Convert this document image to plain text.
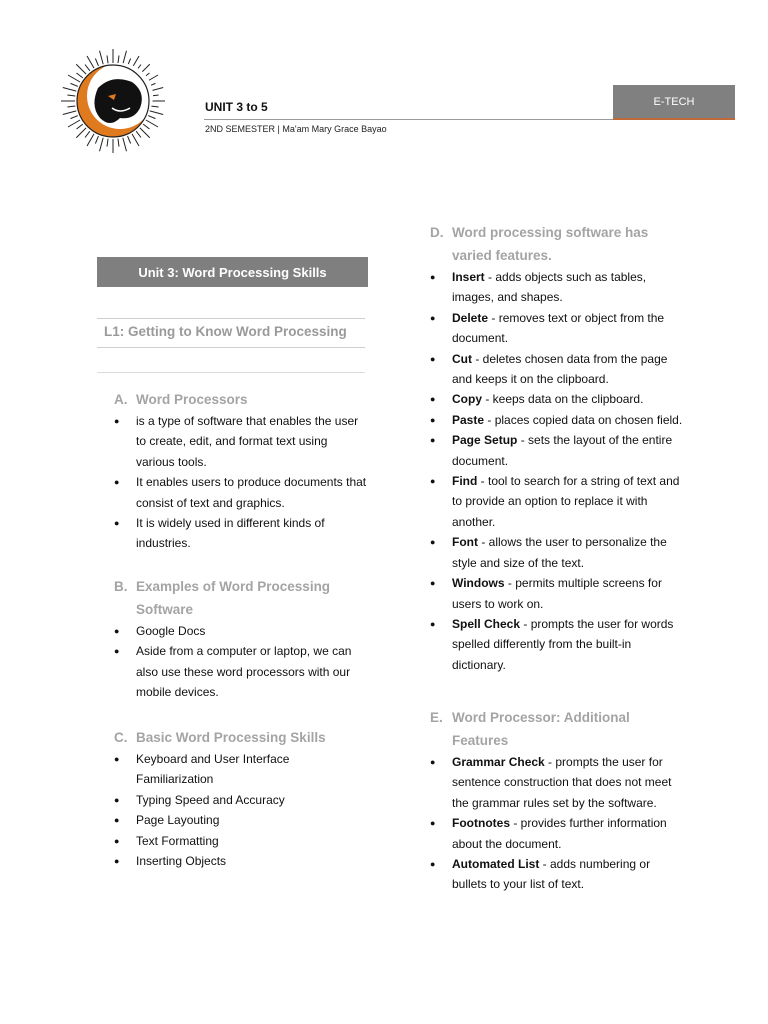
UNIT 3 to 5
2ND SEMESTER | Ma'am Mary Grace Bayao
E-TECH
Unit 3: Word Processing Skills
L1: Getting to Know Word Processing
A. Word Processors
● is a type of software that enables the user to create, edit, and format text using various tools.
● It enables users to produce documents that consist of text and graphics.
● It is widely used in different kinds of industries.
B. Examples of Word Processing Software
● Google Docs
● Aside from a computer or laptop, we can also use these word processors with our mobile devices.
C. Basic Word Processing Skills
● Keyboard and User Interface Familiarization
● Typing Speed and Accuracy
● Page Layouting
● Text Formatting
● Inserting Objects
D. Word processing software has varied features.
● Insert - adds objects such as tables, images, and shapes.
● Delete - removes text or object from the document.
● Cut - deletes chosen data from the page and keeps it on the clipboard.
● Copy - keeps data on the clipboard.
● Paste - places copied data on chosen field.
● Page Setup - sets the layout of the entire document.
● Find - tool to search for a string of text and to provide an option to replace it with another.
● Font - allows the user to personalize the style and size of the text.
● Windows - permits multiple screens for users to work on.
● Spell Check - prompts the user for words spelled differently from the built-in dictionary.
E. Word Processor: Additional Features
● Grammar Check - prompts the user for sentence construction that does not meet the grammar rules set by the software.
● Footnotes - provides further information about the document.
● Automated List - adds numbering or bullets to your list of text.
